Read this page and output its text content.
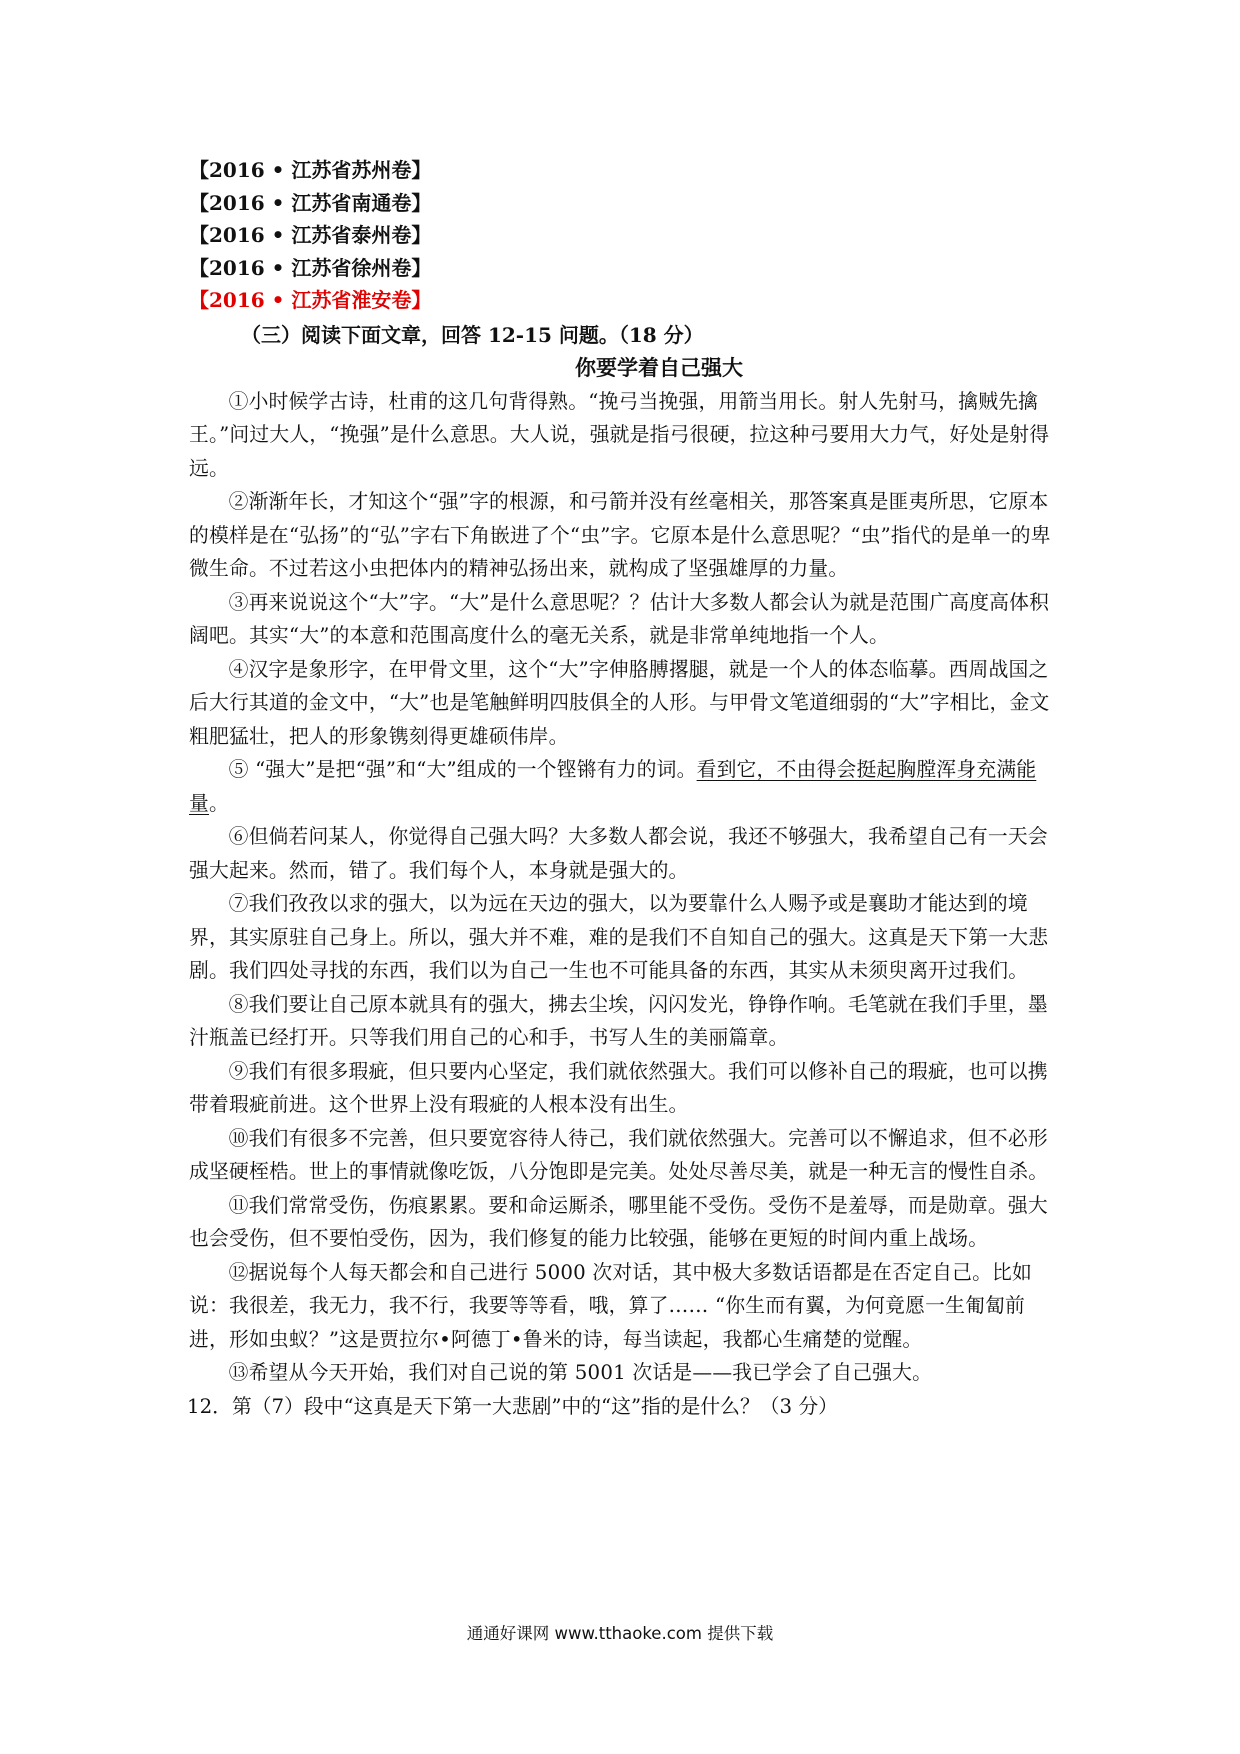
【2016 • 江苏省苏州卷】
【2016 • 江苏省南通卷】
【2016 • 江苏省泰州卷】
【2016 • 江苏省徐州卷】
【2016 • 江苏省淮安卷】
（三）阅读下面文章，回答 12-15 问题。（18 分）
你要学着自己强大

①小时候学古诗，杜甫的这几句背得熟。“挽弓当挽强，用箭当用长。射人先射马，擒贼先擒王。”问过大人，“挽强”是什么意思。大人说，强就是指弓很硬，拉这种弓要用大力气，好处是射得远。

②渐渐年长，才知这个“强”字的根源，和弓箭并没有丝毫相关，那答案真是匪夷所思，它原本的模样是在“弘扬”的“弘”字右下角嵌进了个“虫”字。它原本是什么意思呢？“虫”指代的是单一的卑微生命。不过若这小虫把体内的精神弘扬出来，就构成了坚强雄厚的力量。

③再来说说这个“大”字。“大”是什么意思呢？？估计大多数人都会认为就是范围广高度高体积阔吧。其实“大”的本意和范围高度什么的毫无关系，就是非常单纯地指一个人。

④汉字是象形字，在甲骨文里，这个“大”字伸胳膊撂腿，就是一个人的体态临摹。西周战国之后大行其道的金文中，“大”也是笔触鲜明四肢俱全的人形。与甲骨文笔道细弱的“大”字相比，金文粗肥猛壮，把人的形象镌刻得更雄硕伟岸。

⑤ “强大”是把“强”和“大”组成的一个铿锵有力的词。看到它，不由得会挺起胸膛浑身充满能量。

⑥但倘若问某人，你觉得自己强大吗？大多数人都会说，我还不够强大，我希望自己有一天会强大起来。然而，错了。我们每个人，本身就是强大的。

⑦我们孜孜以求的强大，以为远在天边的强大，以为要靠什么人赐予或是襄助才能达到的境界，其实原驻自己身上。所以，强大并不难，难的是我们不自知自己的强大。这真是天下第一大悲剧。我们四处寻找的东西，我们以为自己一生也不可能具备的东西，其实从未须臾离开过我们。

⑧我们要让自己原本就具有的强大，拂去尘埃，闪闪发光，铮铮作响。毛笔就在我们手里，墨汁瓶盖已经打开。只等我们用自己的心和手，书写人生的美丽篇章。

⑨我们有很多瑕疵，但只要内心坚定，我们就依然强大。我们可以修补自己的瑕疵，也可以携带着瑕疵前进。这个世界上没有瑕疵的人根本没有出生。

⑩我们有很多不完善，但只要宽容待人待己，我们就依然强大。完善可以不懈追求，但不必形成坚硬桎梏。世上的事情就像吃饭，八分饱即是完美。处处尽善尽美，就是一种无言的慢性自杀。

⑪我们常常受伤，伤痕累累。要和命运厮杀，哪里能不受伤。受伤不是羞辱，而是勋章。强大也会受伤，但不要怕受伤，因为，我们修复的能力比较强，能够在更短的时间内重上战场。

⑫据说每个人每天都会和自己进行 5000 次对话，其中极大多数话语都是在否定自己。比如说：我很差，我无力，我不行，我要等等看，哦，算了…… “你生而有翼，为何竟愿一生匍匐前进，形如虫蚁？”这是贾拉尔•阿德丁•鲁米的诗，每当读起，我都心生痛楚的觉醒。

⑬希望从今天开始，我们对自己说的第 5001 次话是——我已学会了自己强大。

12．第（7）段中“这真是天下第一大悲剧”中的“这”指的是什么？（3 分）

通通好课网 www.tthaoke.com 提供下载
